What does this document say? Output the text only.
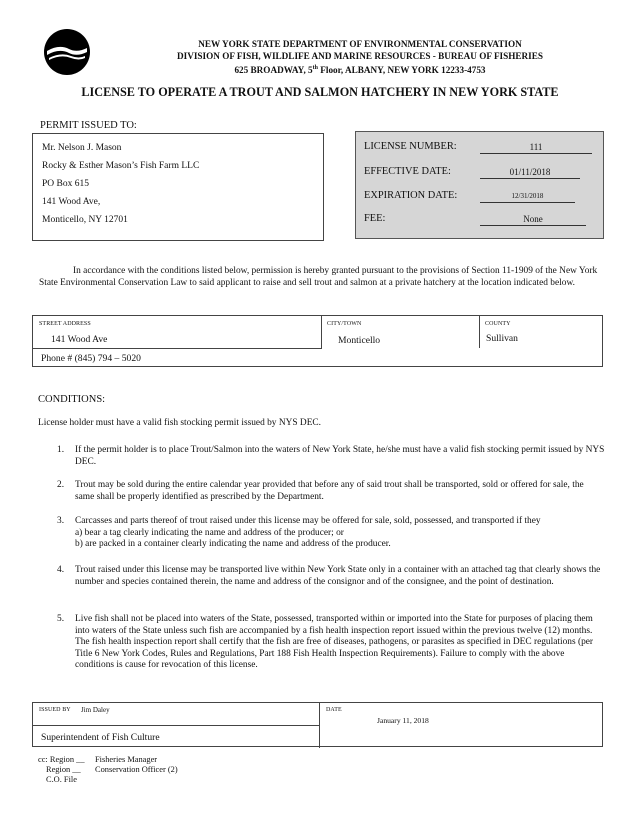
NEW YORK STATE DEPARTMENT OF ENVIRONMENTAL CONSERVATION
DIVISION OF FISH, WILDLIFE AND MARINE RESOURCES - BUREAU OF FISHERIES
625 BROADWAY, 5th Floor, ALBANY, NEW YORK 12233-4753
LICENSE TO OPERATE A TROUT AND SALMON HATCHERY IN NEW YORK STATE
PERMIT ISSUED TO:
Mr. Nelson J. Mason
Rocky & Esther Mason’s Fish Farm LLC
PO Box 615
141 Wood Ave,
Monticello, NY 12701
LICENSE NUMBER:	111
EFFECTIVE DATE:	01/11/2018
EXPIRATION DATE:	12/31/2018
FEE:	None
In accordance with the conditions listed below, permission is hereby granted pursuant to the provisions of Section 11-1909 of the New York State Environmental Conservation Law to said applicant to raise and sell trout and salmon at a private hatchery at the location indicated below.
STREET ADDRESS
141 Wood Ave
CITY/TOWN
Monticello
COUNTY
Sullivan
Phone # (845) 794 – 5020
CONDITIONS:
License holder must have a valid fish stocking permit issued by NYS DEC.
1. If the permit holder is to place Trout/Salmon into the waters of New York State, he/she must have a valid fish stocking permit issued by NYS DEC.
2. Trout may be sold during the entire calendar year provided that before any of said trout shall be transported, sold or offered for sale, the same shall be properly identified as prescribed by the Department.
3. Carcasses and parts thereof of trout raised under this license may be offered for sale, sold, possessed, and transported if they
a) bear a tag clearly indicating the name and address of the producer; or
b) are packed in a container clearly indicating the name and address of the producer.
4. Trout raised under this license may be transported live within New York State only in a container with an attached tag that clearly shows the number and species contained therein, the name and address of the consignor and of the consignee, and the point of destination.
5. Live fish shall not be placed into waters of the State, possessed, transported within or imported into the State for purposes of placing them into waters of the State unless such fish are accompanied by a fish health inspection report issued within the previous twelve (12) months. The fish health inspection report shall certify that the fish are free of diseases, pathogens, or parasites as specified in DEC regulations (per Title 6 New York Codes, Rules and Regulations, Part 188 Fish Health Inspection Requirements). Failure to comply with the above conditions is cause for revocation of this license.
ISSUED BY Jim Daley
Superintendent of Fish Culture
DATE
January 11, 2018
cc: Region __
Region __
C.O. File
Fisheries Manager
Conservation Officer (2)
